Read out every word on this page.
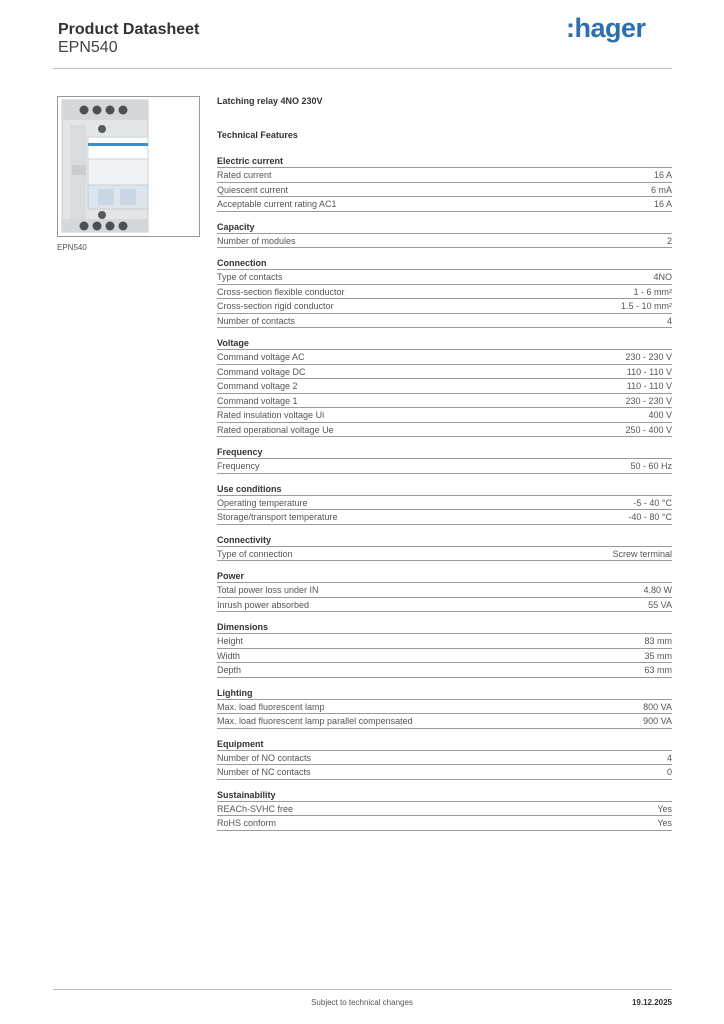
Product Datasheet
EPN540
:hager
EPN540
Latching relay 4NO 230V
Technical Features
Electric current
Rated current	16 A
Quiescent current	6 mA
Acceptable current rating AC1	16 A
Capacity
Number of modules	2
Connection
Type of contacts	4NO
Cross-section flexible conductor	1 - 6 mm²
Cross-section rigid conductor	1.5 - 10 mm²
Number of contacts	4
Voltage
Command voltage AC	230 - 230 V
Command voltage DC	110 - 110 V
Command voltage 2	110 - 110 V
Command voltage 1	230 - 230 V
Rated insulation voltage Ui	400 V
Rated operational voltage Ue	250 - 400 V
Frequency
Frequency	50 - 60 Hz
Use conditions
Operating temperature	-5 - 40 °C
Storage/transport temperature	-40 - 80 °C
Connectivity
Type of connection	Screw terminal
Power
Total power loss under IN	4.80 W
Inrush power absorbed	55 VA
Dimensions
Height	83 mm
Width	35 mm
Depth	63 mm
Lighting
Max. load fluorescent lamp	800 VA
Max. load fluorescent lamp parallel compensated	900 VA
Equipment
Number of NO contacts	4
Number of NC contacts	0
Sustainability
REACh-SVHC free	Yes
RoHS conform	Yes
Subject to technical changes	19.12.2025
